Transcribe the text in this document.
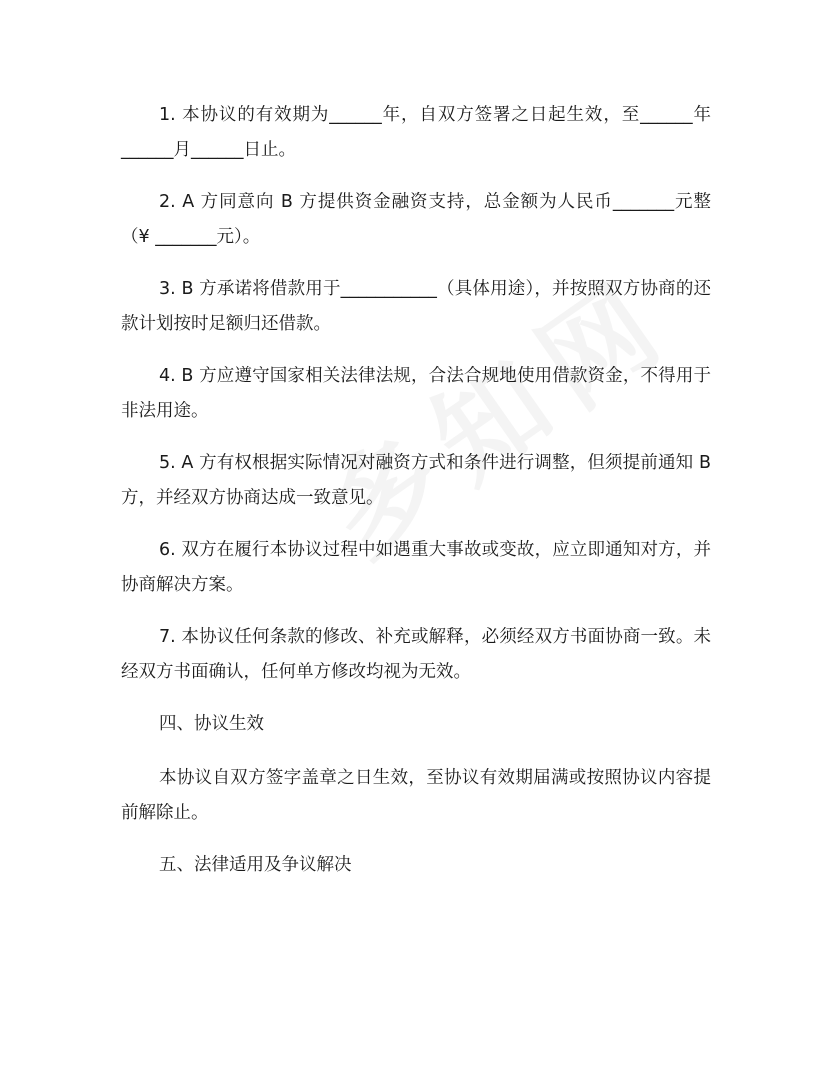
1. 本协议的有效期为______年，自双方签署之日起生效，至______年______月______日止。

2. A 方同意向 B 方提供资金融资支持，总金额为人民币_______元整（¥ _______元）。

3. B 方承诺将借款用于___________（具体用途），并按照双方协商的还款计划按时足额归还借款。

4. B 方应遵守国家相关法律法规，合法合规地使用借款资金，不得用于非法用途。

5. A 方有权根据实际情况对融资方式和条件进行调整，但须提前通知 B 方，并经双方协商达成一致意见。

6. 双方在履行本协议过程中如遇重大事故或变故，应立即通知对方，并协商解决方案。

7. 本协议任何条款的修改、补充或解释，必须经双方书面协商一致。未经双方书面确认，任何单方修改均视为无效。

四、协议生效

本协议自双方签字盖章之日生效，至协议有效期届满或按照协议内容提前解除止。

五、法律适用及争议解决
